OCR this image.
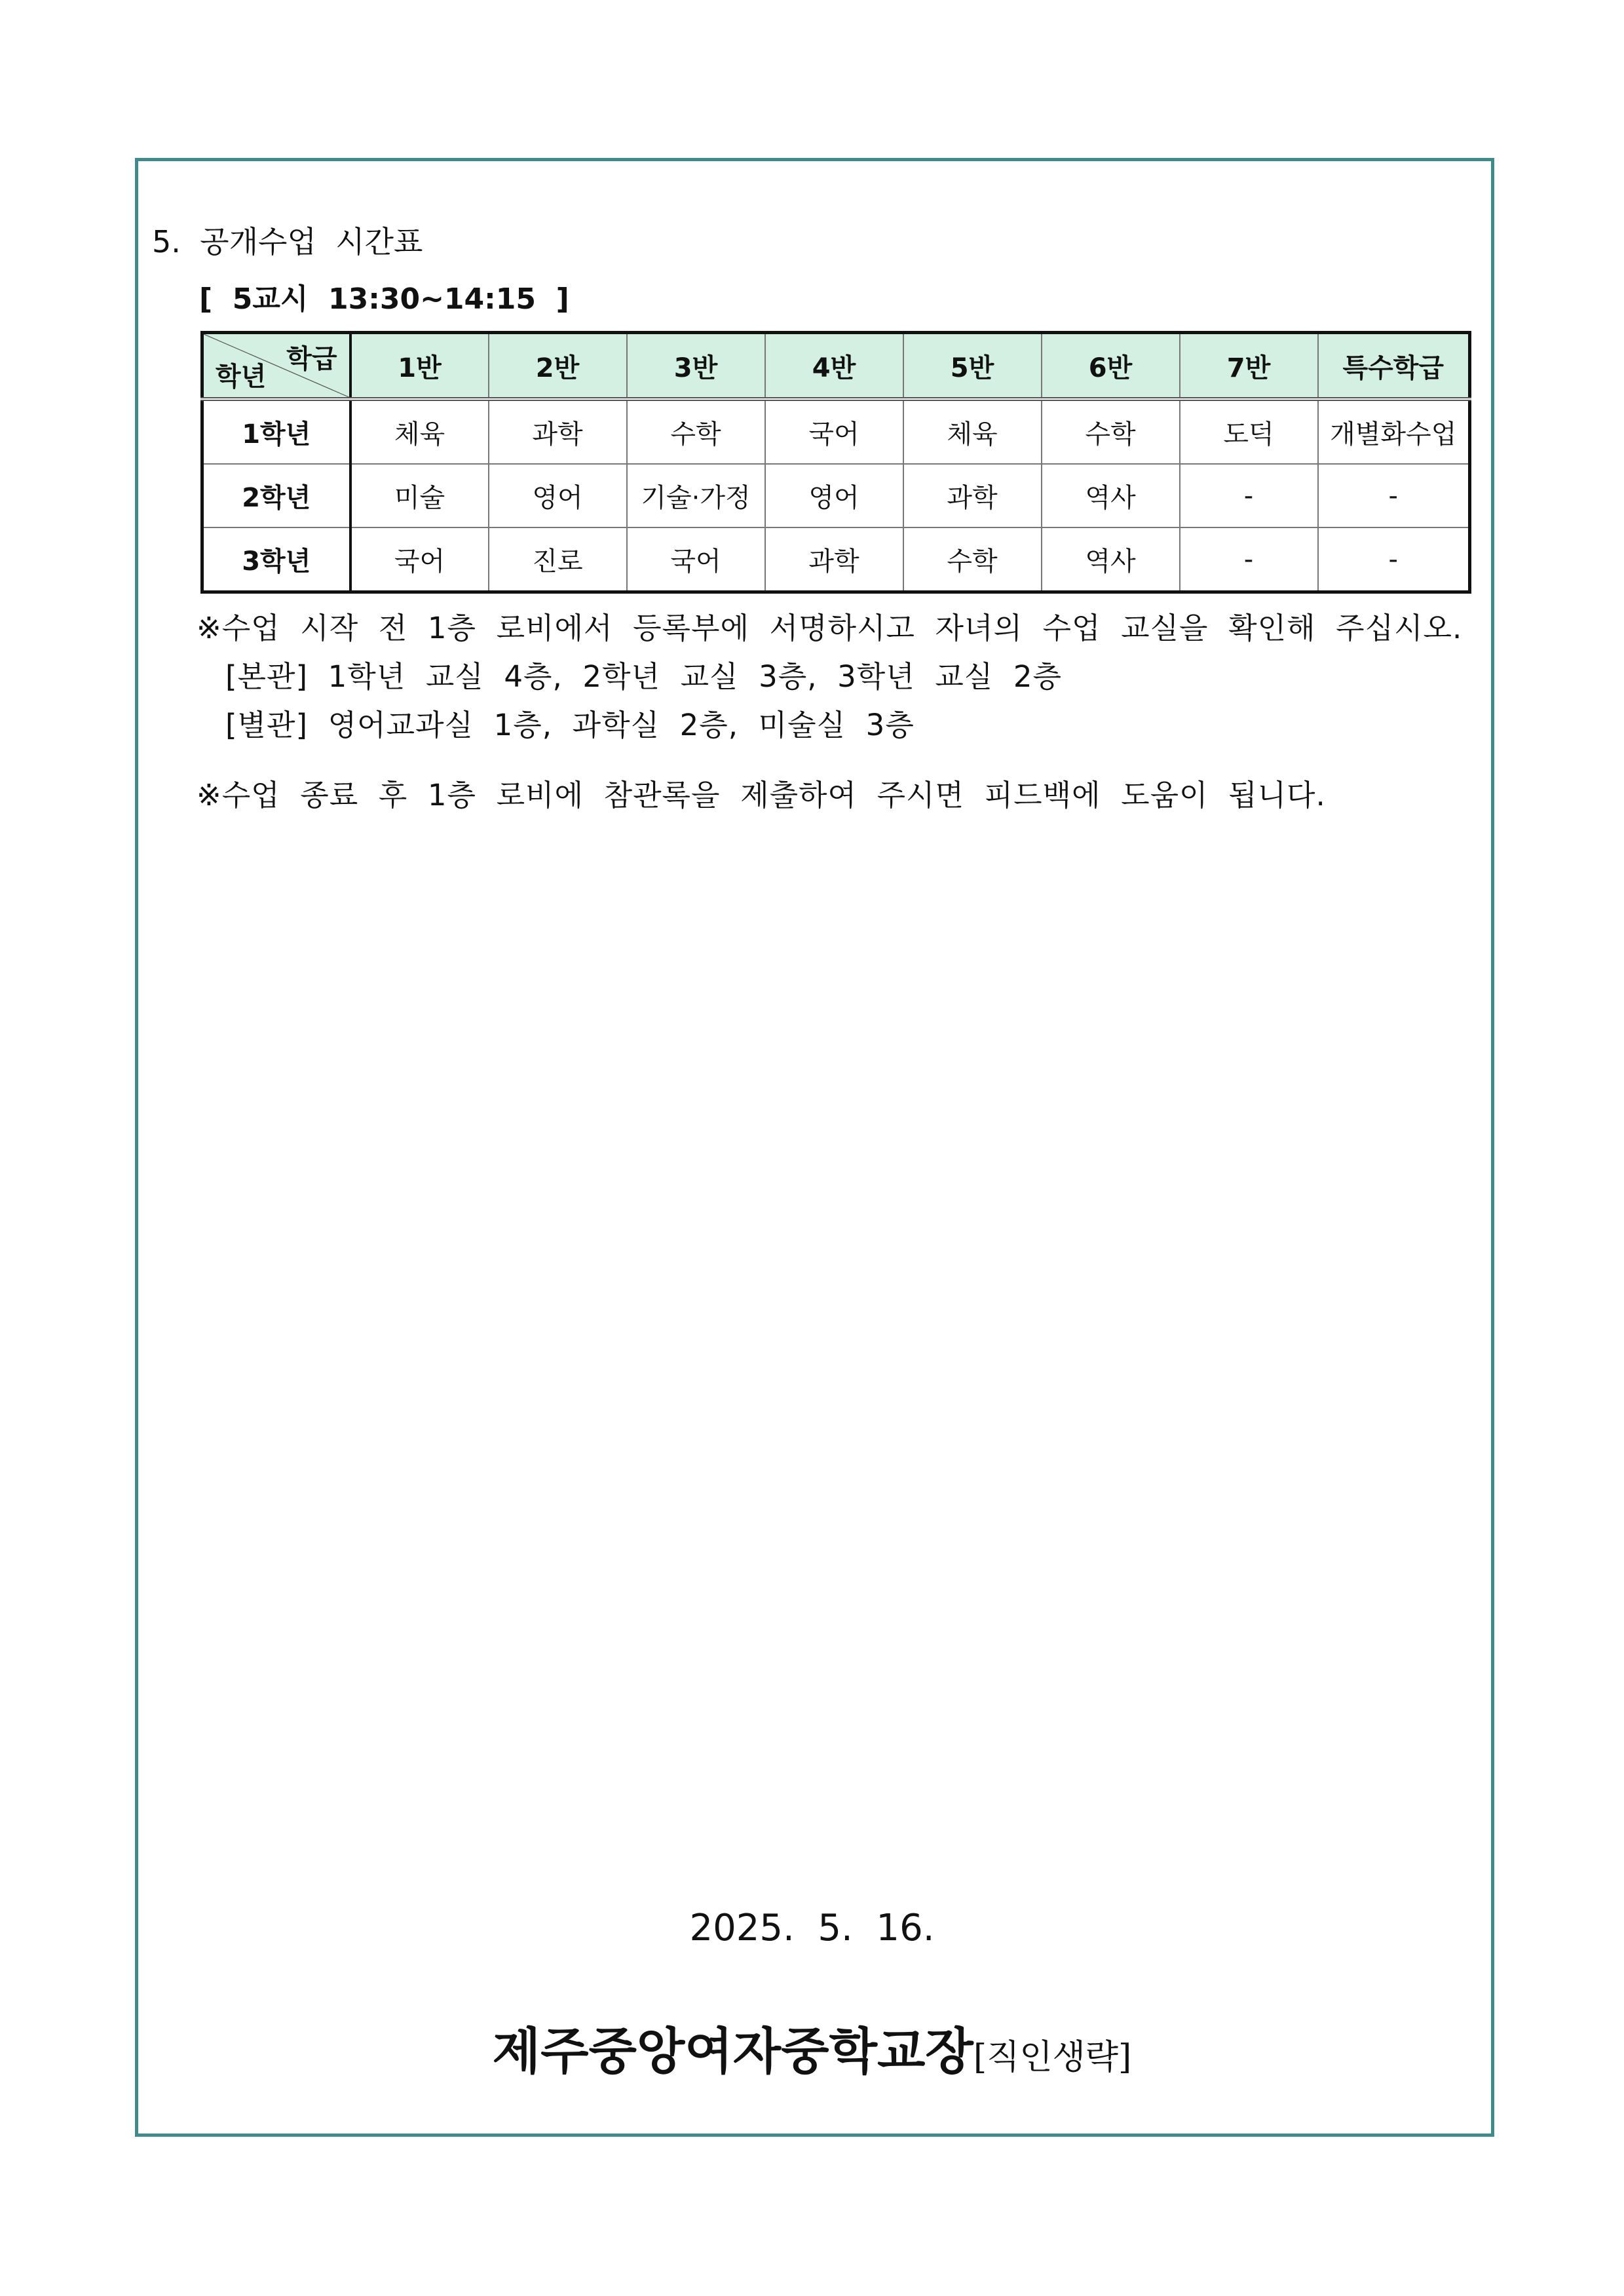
5.  공개수업  시간표
[  5교시  13:30~14:15  ]
학급
학년	1반	2반	3반	4반	5반	6반	7반	특수학급
1학년	체육	과학	수학	국어	체육	수학	도덕	개별화수업
2학년	미술	영어	기술·가정	영어	과학	역사	-	-
3학년	국어	진로	국어	과학	수학	역사	-	-
※수업  시작  전  1층  로비에서  등록부에  서명하시고  자녀의  수업  교실을  확인해  주십시오.
[본관]  1학년  교실  4층,  2학년  교실  3층,  3학년  교실  2층
[별관]  영어교과실  1층,  과학실  2층,  미술실  3층
※수업  종료  후  1층  로비에  참관록을  제출하여  주시면  피드백에  도움이  됩니다.
2025.  5.  16.
제주중앙여자중학교장[직인생략]
